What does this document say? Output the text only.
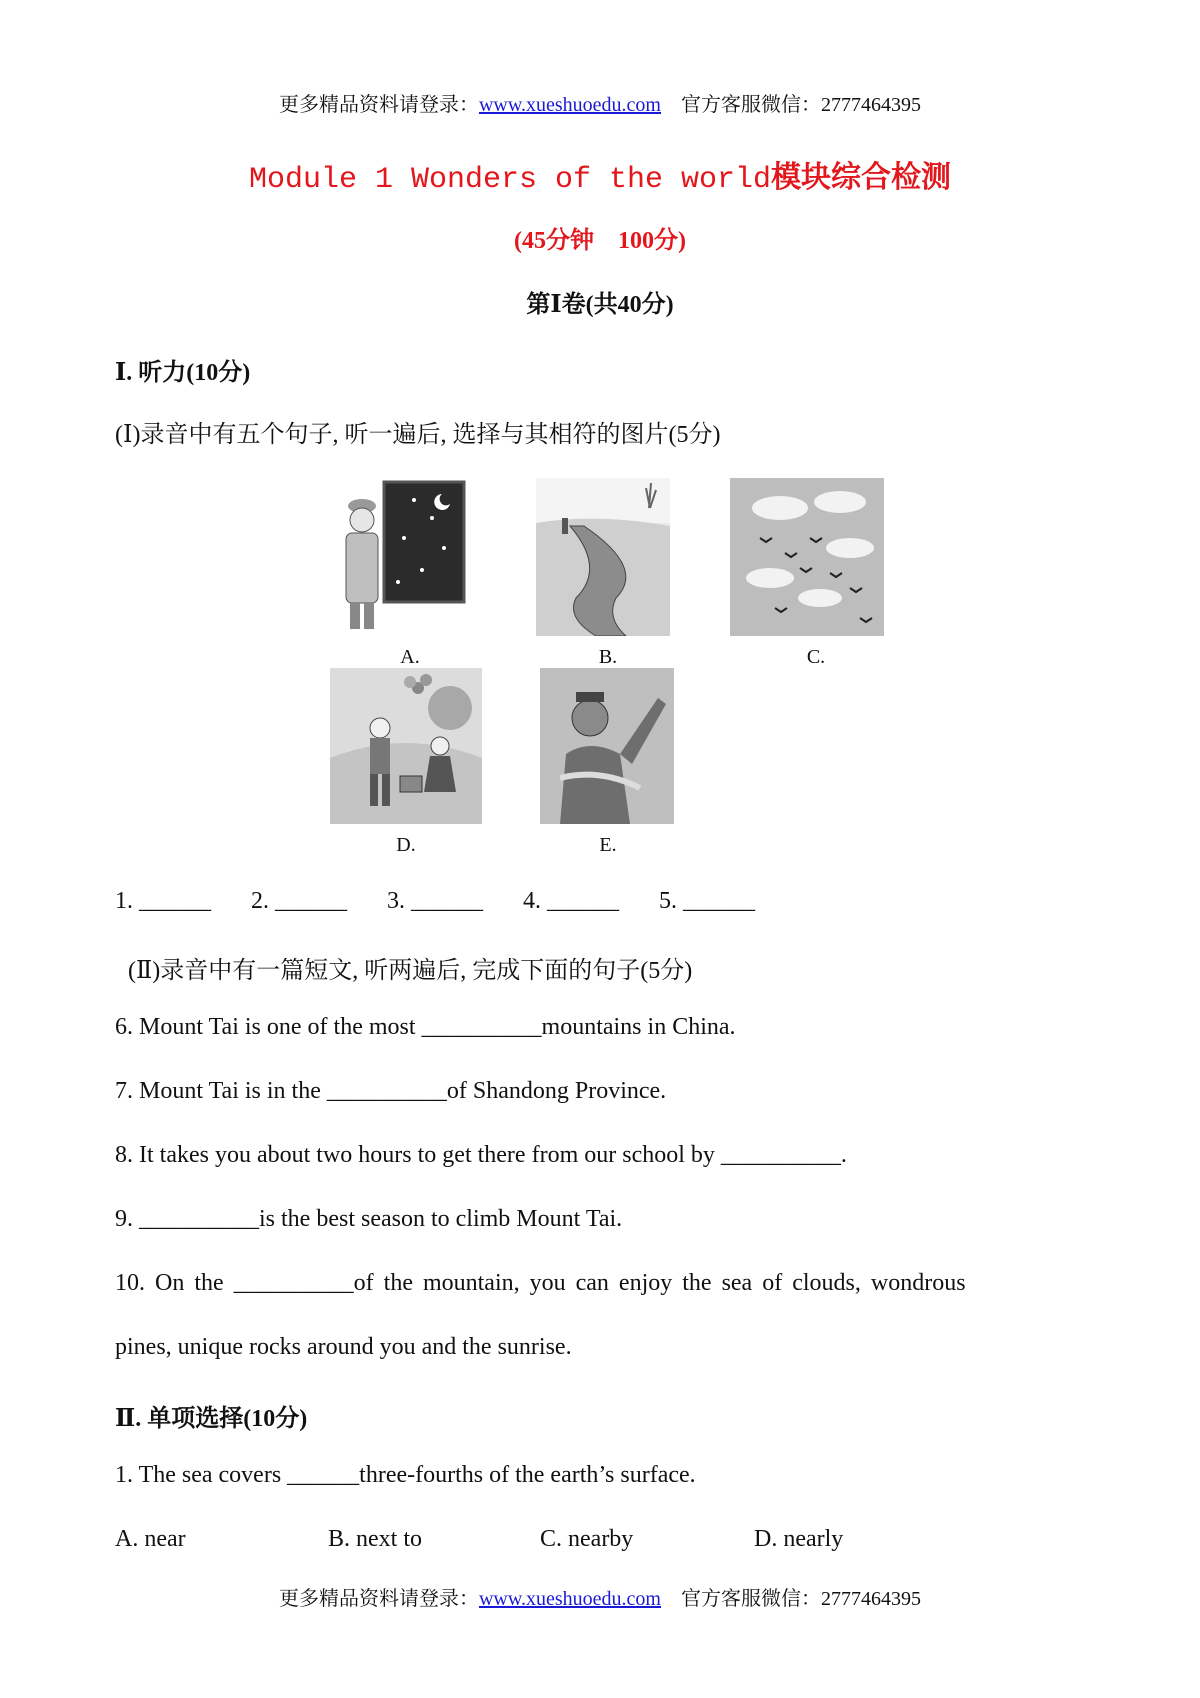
更多精品资料请登录：www.xueshuoedu.com 官方客服微信：2777464395
Module 1 Wonders of the world模块综合检测
(45分钟　100分)
第Ⅰ卷(共40分)
Ⅰ. 听力(10分)
(Ⅰ)录音中有五个句子, 听一遍后, 选择与其相符的图片(5分)
A.	B.	C.
D.	E.
1. ______ 2. ______ 3. ______ 4. ______ 5. ______
(Ⅱ)录音中有一篇短文, 听两遍后, 完成下面的句子(5分)
6. Mount Tai is one of the most __________mountains in China.
7. Mount Tai is in the __________of Shandong Province.
8. It takes you about two hours to get there from our school by __________.
9. __________is the best season to climb Mount Tai.
10. On the __________of the mountain, you can enjoy the sea of clouds, wondrous
pines, unique rocks around you and the sunrise.
Ⅱ. 单项选择(10分)
1. The sea covers ______three-fourths of the earth’s surface.
A. near	B. next to	C. nearby	D. nearly
更多精品资料请登录：www.xueshuoedu.com 官方客服微信：2777464395
